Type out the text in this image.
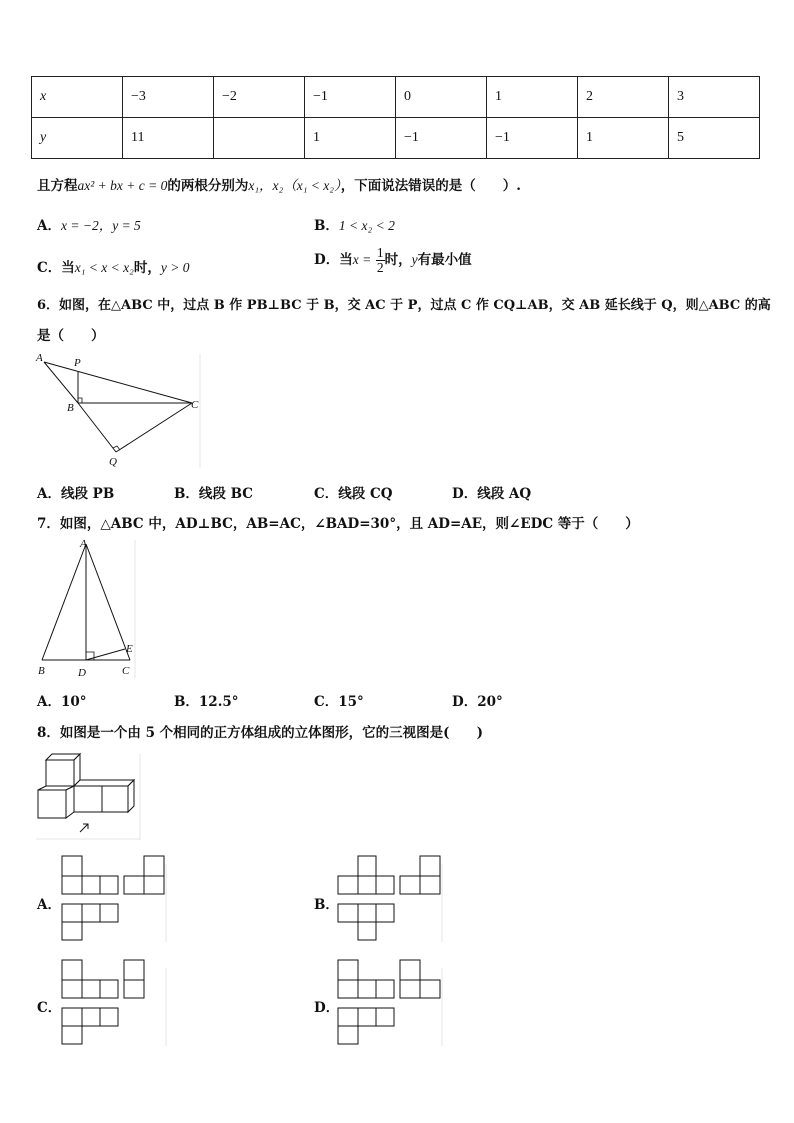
x	−3	−2	−1	0	1	2	3
y	11		1	−1	−1	1	5
且方程ax² + bx + c = 0的两根分别为x₁，x₂（x₁ < x₂），下面说法错误的是（　　）.
A．x = −2，y = 5	B．1 < x₂ < 2
C．当x₁ < x < x₂时，y > 0	D．当$x = \frac{1}{2}$ 时，y有最小值
6．如图，在△ABC 中，过点 B 作 PB⊥BC 于 B，交 AC 于 P，过点 C 作 CQ⊥AB，交 AB 延长线于 Q，则△ABC 的高
是（　　）
A	P
B	C
Q
A．线段 PB	B．线段 BC	C．线段 CQ	D．线段 AQ
7．如图，△ABC 中，AD⊥BC，AB=AC，∠BAD=30°，且 AD=AE，则∠EDC 等于（　　）
A
B	D	C
E
A．10°	B．12.5°	C．15°	D．20°
8．如图是一个由 5 个相同的正方体组成的立体图形，它的三视图是(　　)
A．	B．
C．	D．
